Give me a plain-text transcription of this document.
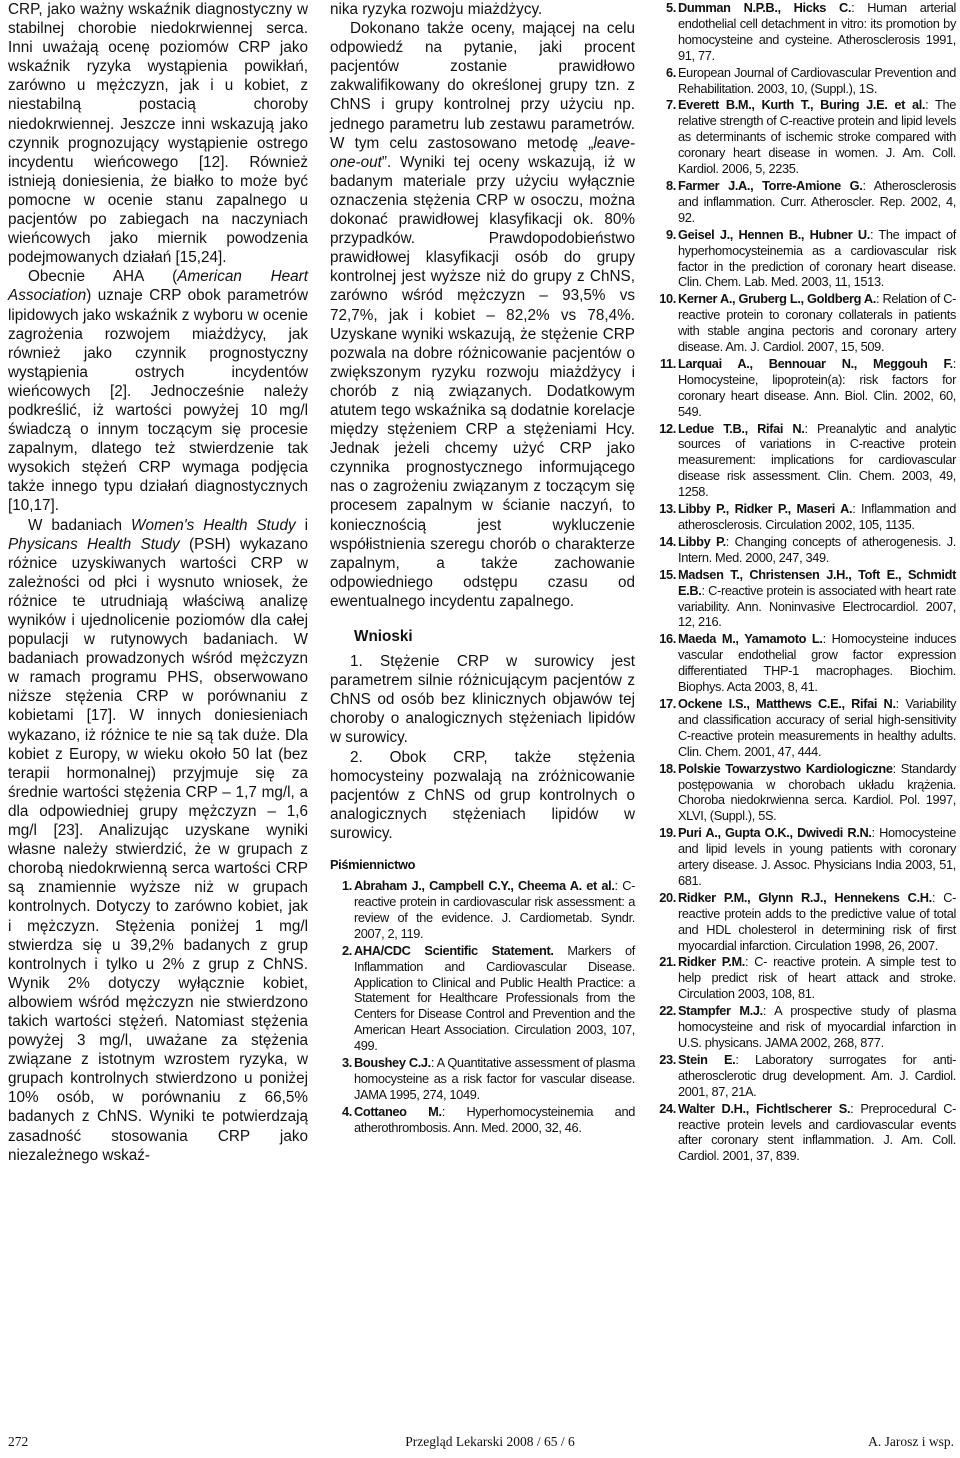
CRP, jako ważny wskaźnik diagnostyczny w stabilnej chorobie niedokrwiennej serca. Inni uważają ocenę poziomów CRP jako wskaźnik ryzyka wystąpienia powikłań, zarówno u mężczyzn, jak i u kobiet, z niestabilną postacią choroby niedokrwiennej. Jeszcze inni wskazują jako czynnik prognozujący wystąpienie ostrego incydentu wieńcowego [12]. Również istnieją doniesienia, że białko to może być pomocne w ocenie stanu zapalnego u pacjentów po zabiegach na naczyniach wieńcowych jako miernik powodzenia podejmowanych działań [15,24].

Obecnie AHA (American Heart Association) uznaje CRP obok parametrów lipidowych jako wskaźnik z wyboru w ocenie zagrożenia rozwojem miażdżycy, jak również jako czynnik prognostyczny wystąpienia ostrych incydentów wieńcowych [2]. Jednocześnie należy podkreślić, iż wartości powyżej 10 mg/l świadczą o innym toczącym się procesie zapalnym, dlatego też stwierdzenie tak wysokich stężeń CRP wymaga podjęcia także innego typu działań diagnostycznych [10,17].

W badaniach Women's Health Study i Physicans Health Study (PSH) wykazano różnice uzyskiwanych wartości CRP w zależności od płci i wysnuto wniosek, że różnice te utrudniają właściwą analizę wyników i ujednolicenie poziomów dla całej populacji w rutynowych badaniach. W badaniach prowadzonych wśród mężczyzn w ramach programu PHS, obserwowano niższe stężenia CRP w porównaniu z kobietami [17]. W innych doniesieniach wykazano, iż różnice te nie są tak duże. Dla kobiet z Europy, w wieku około 50 lat (bez terapii hormonalnej) przyjmuje się za średnie wartości stężenia CRP – 1,7 mg/l, a dla odpowiedniej grupy mężczyzn – 1,6 mg/l [23]. Analizując uzyskane wyniki własne należy stwierdzić, że w grupach z chorobą niedokrwienną serca wartości CRP są znamiennie wyższe niż w grupach kontrolnych. Dotyczy to zarówno kobiet, jak i mężczyzn. Stężenia poniżej 1 mg/l stwierdza się u 39,2% badanych z grup kontrolnych i tylko u 2% z grup z ChNS. Wynik 2% dotyczy wyłącznie kobiet, albowiem wśród mężczyzn nie stwierdzono takich wartości stężeń. Natomiast stężenia powyżej 3 mg/l, uważane za stężenia związane z istotnym wzrostem ryzyka, w grupach kontrolnych stwierdzono u poniżej 10% osób, w porównaniu z 66,5% badanych z ChNS. Wyniki te potwierdzają zasadność stosowania CRP jako niezależnego wskaź-

nika ryzyka rozwoju miażdżycy.

Dokonano także oceny, mającej na celu odpowiedź na pytanie, jaki procent pacjentów zostanie prawidłowo zakwalifikowany do określonej grupy tzn. z ChNS i grupy kontrolnej przy użyciu np. jednego parametru lub zestawu parametrów. W tym celu zastosowano metodę „leave-one-out”. Wyniki tej oceny wskazują, iż w badanym materiale przy użyciu wyłącznie oznaczenia stężenia CRP w osoczu, można dokonać prawidłowej klasyfikacji ok. 80% przypadków. Prawdopodobieństwo prawidłowej klasyfikacji osób do grupy kontrolnej jest wyższe niż do grupy z ChNS, zarówno wśród mężczyzn – 93,5% vs 72,7%, jak i kobiet – 82,2% vs 78,4%. Uzyskane wyniki wskazują, że stężenie CRP pozwala na dobre różnicowanie pacjentów o zwiększonym ryzyku rozwoju miażdżycy i chorób z nią związanych. Dodatkowym atutem tego wskaźnika są dodatnie korelacje między stężeniem CRP a stężeniami Hcy. Jednak jeżeli chcemy użyć CRP jako czynnika prognostycznego informującego nas o zagrożeniu związanym z toczącym się procesem zapalnym w ścianie naczyń, to koniecznością jest wykluczenie współistnienia szeregu chorób o charakterze zapalnym, a także zachowanie odpowiedniego odstępu czasu od ewentualnego incydentu zapalnego.

Wnioski

1. Stężenie CRP w surowicy jest parametrem silnie różnicującym pacjentów z ChNS od osób bez klinicznych objawów tej choroby o analogicznych stężeniach lipidów w surowicy.

2. Obok CRP, także stężenia homocysteiny pozwalają na zróżnicowanie pacjentów z ChNS od grup kontrolnych o analogicznych stężeniach lipidów w surowicy.

Piśmiennictwo
1. Abraham J., Campbell C.Y., Cheema A. et al.: C-reactive protein in cardiovascular risk assessment: a review of the evidence. J. Cardiometab. Syndr. 2007, 2, 119.
2. AHA/CDC Scientific Statement. Markers of Inflammation and Cardiovascular Disease. Application to Clinical and Public Health Practice: a Statement for Healthcare Professionals from the Centers for Disease Control and Prevention and the American Heart Association. Circulation 2003, 107, 499.
3. Boushey C.J.: A Quantitative assessment of plasma homocysteine as a risk factor for vascular disease. JAMA 1995, 274, 1049.
4. Cottaneo M.: Hyperhomocysteinemia and atherothrombosis. Ann. Med. 2000, 32, 46.
5. Dumman N.P.B., Hicks C.: Human arterial endothelial cell detachment in vitro: its promotion by homocysteine and cysteine. Atherosclerosis 1991, 91, 77.
6. European Journal of Cardiovascular Prevention and Rehabilitation. 2003, 10, (Suppl.), 1S.
7. Everett B.M., Kurth T., Buring J.E. et al.: The relative strength of C-reactive protein and lipid levels as determinants of ischemic stroke compared with coronary heart disease in women. J. Am. Coll. Kardiol. 2006, 5, 2235.
8. Farmer J.A., Torre-Amione G.: Atherosclerosis and inflammation. Curr. Atheroscler. Rep. 2002, 4, 92.
9. Geisel J., Hennen B., Hubner U.: The impact of hyperhomocysteinemia as a cardiovascular risk factor in the prediction of coronary heart disease. Clin. Chem. Lab. Med. 2003, 11, 1513.
10. Kerner A., Gruberg L., Goldberg A.: Relation of C-reactive protein to coronary collaterals in patients with stable angina pectoris and coronary artery disease. Am. J. Cardiol. 2007, 15, 509.
11. Larquai A., Bennouar N., Meggouh F.: Homocysteine, lipoprotein(a): risk factors for coronary heart disease. Ann. Biol. Clin. 2002, 60, 549.
12. Ledue T.B., Rifai N.: Preanalytic and analytic sources of variations in C-reactive protein measurement: implications for cardiovascular disease risk assessment. Clin. Chem. 2003, 49, 1258.
13. Libby P., Ridker P., Maseri A.: Inflammation and atherosclerosis. Circulation 2002, 105, 1135.
14. Libby P.: Changing concepts of atherogenesis. J. Intern. Med. 2000, 247, 349.
15. Madsen T., Christensen J.H., Toft E., Schmidt E.B.: C-reactive protein is associated with heart rate variability. Ann. Noninvasive Electrocardiol. 2007, 12, 216.
16. Maeda M., Yamamoto L.: Homocysteine induces vascular endothelial grow factor expression differentiated THP-1 macrophages. Biochim. Biophys. Acta 2003, 8, 41.
17. Ockene I.S., Matthews C.E., Rifai N.: Variability and classification accuracy of serial high-sensitivity C-reactive protein measurements in healthy adults. Clin. Chem. 2001, 47, 444.
18. Polskie Towarzystwo Kardiologiczne: Standardy postępowania w chorobach układu krążenia. Choroba niedokrwienna serca. Kardiol. Pol. 1997, XLVI, (Suppl.), 5S.
19. Puri A., Gupta O.K., Dwivedi R.N.: Homocysteine and lipid levels in young patients with coronary artery disease. J. Assoc. Physicians India 2003, 51, 681.
20. Ridker P.M., Glynn R.J., Hennekens C.H.: C-reactive protein adds to the predictive value of total and HDL cholesterol in determining risk of first myocardial infarction. Circulation 1998, 26, 2007.
21. Ridker P.M.: C- reactive protein. A simple test to help predict risk of heart attack and stroke. Circulation 2003, 108, 81.
22. Stampfer M.J.: A prospective study of plasma homocysteine and risk of myocardial infarction in U.S. physicans. JAMA 2002, 268, 877.
23. Stein E.: Laboratory surrogates for anti-atherosclerotic drug development. Am. J. Cardiol. 2001, 87, 21A.
24. Walter D.H., Fichtlscherer S.: Preprocedural C-reactive protein levels and cardiovascular events after coronary stent inflammation. J. Am. Coll. Cardiol. 2001, 37, 839.
272	Przegląd Lekarski 2008 / 65 / 6	A. Jarosz i wsp.
